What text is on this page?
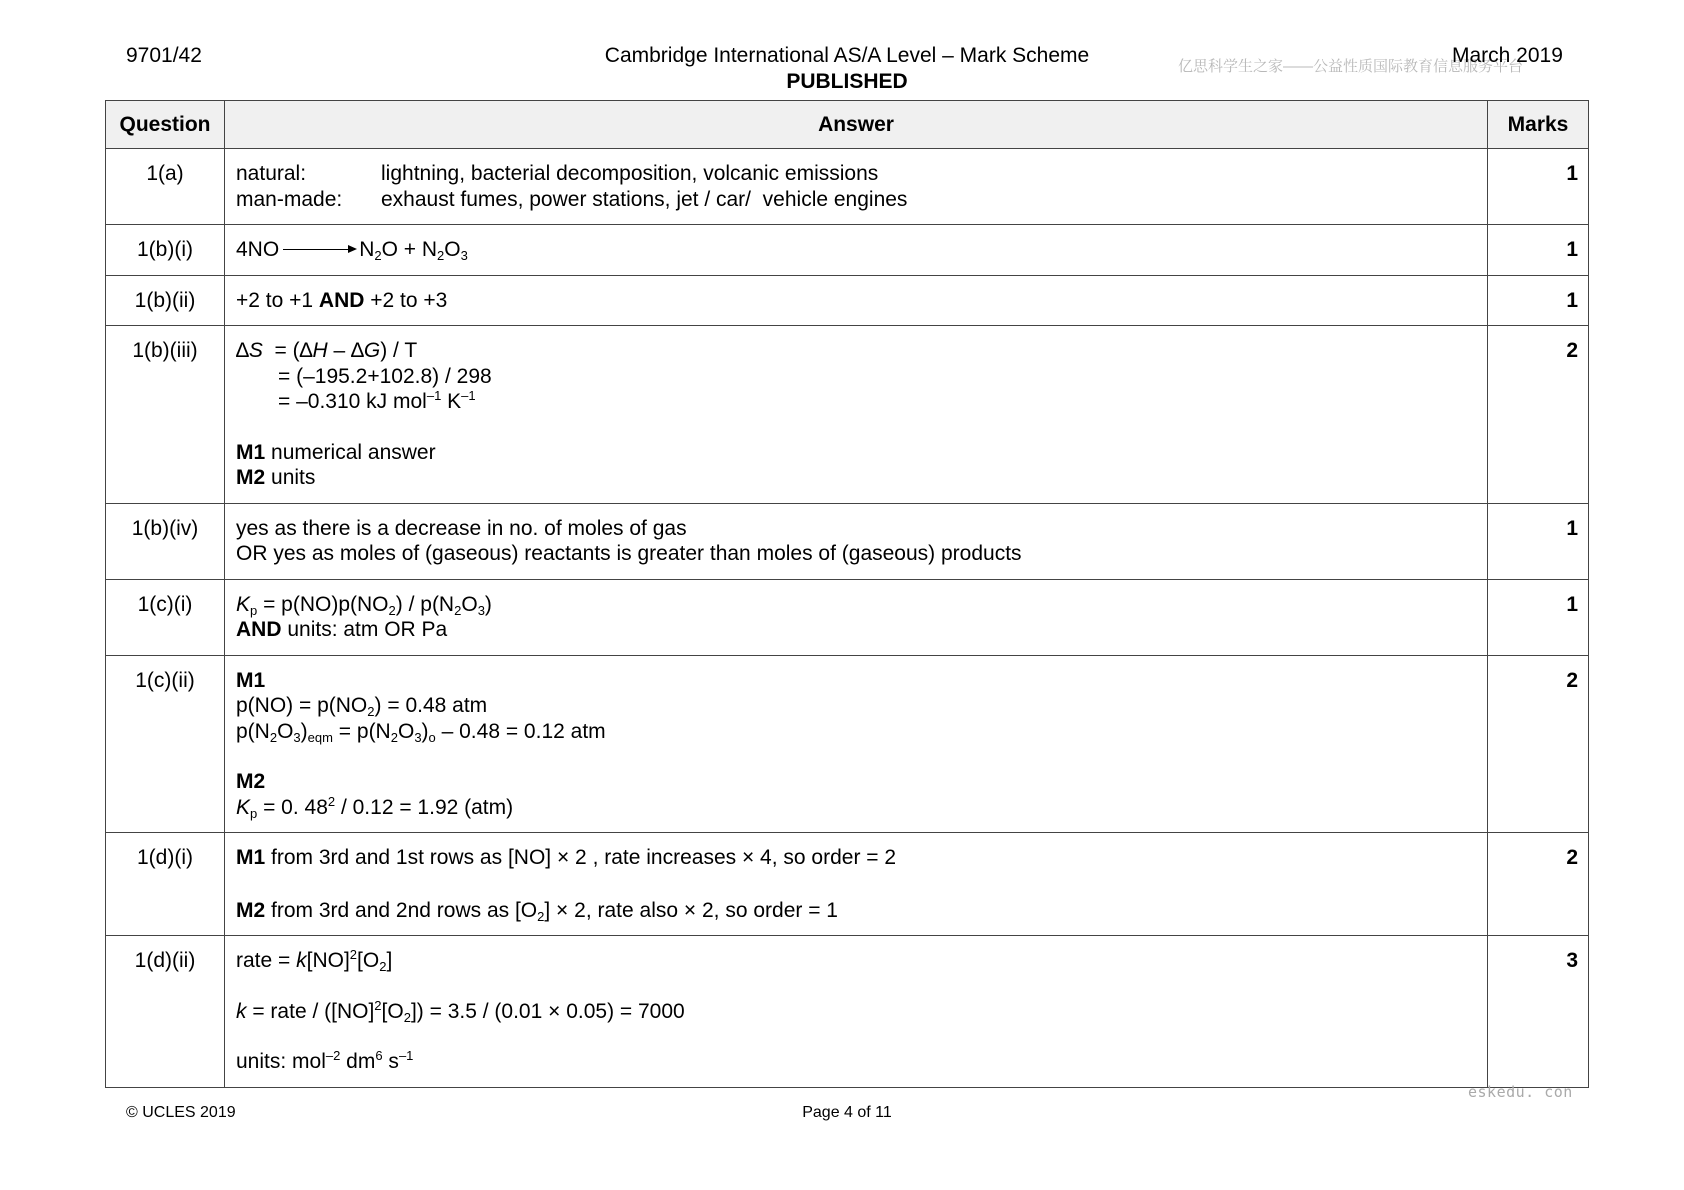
9701/42	Cambridge International AS/A Level – Mark Scheme
PUBLISHED
亿思科学生之家——公益性质国际教育信息服务平台
March 2019
Question	Answer	Marks
1(a)	natural: lightning, bacterial decomposition, volcanic emissions
man-made: exhaust fumes, power stations, jet / car/  vehicle engines	1
1(b)(i)	$4NO \to N_2O + N_2O_3$	1
1(b)(ii)	+2 to +1 AND +2 to +3	1
1(b)(iii)	∆S  = (∆H – ∆G) / T
= (–195.2+102.8) / 298
= –0.310 kJ mol$^{-1}$ $K^{-1}$
M1 numerical answer
M2 units	2
1(b)(iv)	yes as there is a decrease in no. of moles of gas
OR yes as moles of (gaseous) reactants is greater than moles of (gaseous) products	1
1(c)(i)	$K_p = p(NO)p(NO_2) / p(N_2O_3)$
AND units: atm OR Pa	1
1(c)(ii)	M1
$p(NO) = p(NO_2) = 0.48$ atm
$p(N_2O_3)_{eqm} = p(N_2O_3)_o - 0.48 = 0.12$ atm
M2
$K_p = 0$. $48^2 / 0.12 = 1.92$ (atm)	2
1(d)(i)	M1 from 3rd and 1st rows as [NO] × 2 , rate increases × 4, so order = 2
M2 from 3rd and 2nd rows as $[O_2] \times 2$, rate also × 2, so order = 1	2
1(d)(ii)	rate = $k[NO]^2[O_2]$
k = rate / $([NO]^2[O_2]) = 3.5 / (0.01 \times 0.05) = 7000$
units: mol$^{-2}$ $dm^6$ $s^{-1}$	3
eskedu. con
© UCLES 2019	Page 4 of 11
